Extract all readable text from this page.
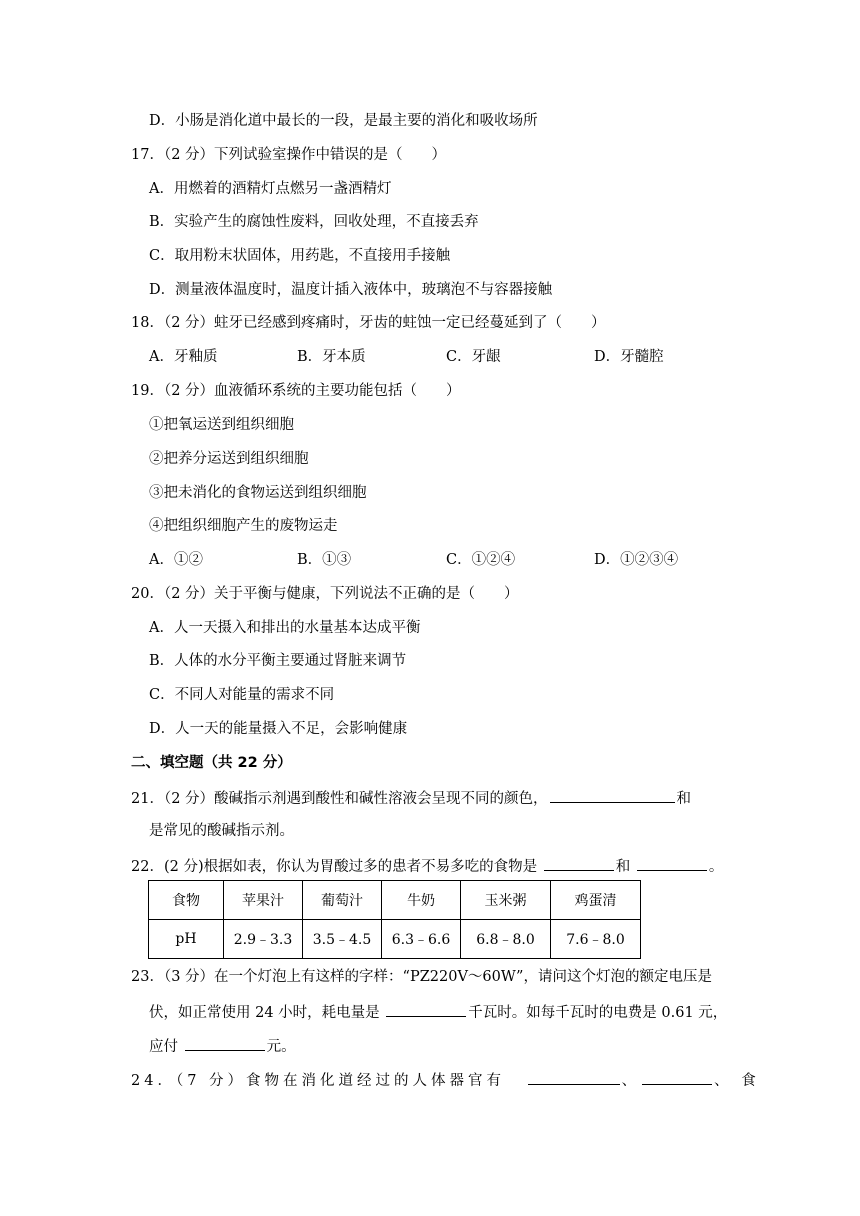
D．小肠是消化道中最长的一段，是最主要的消化和吸收场所
17．（2 分）下列试验室操作中错误的是（　　）
A．用燃着的酒精灯点燃另一盏酒精灯
B．实验产生的腐蚀性废料，回收处理，不直接丢弃
C．取用粉末状固体，用药匙，不直接用手接触
D．测量液体温度时，温度计插入液体中，玻璃泡不与容器接触
18．（2 分）蛀牙已经感到疼痛时，牙齿的蛀蚀一定已经蔓延到了（　　）
A．牙釉质	B．牙本质	C．牙龈	D．牙髓腔
19．（2 分）血液循环系统的主要功能包括（　　）
①把氧运送到组织细胞
②把养分运送到组织细胞
③把未消化的食物运送到组织细胞
④把组织细胞产生的废物运走
A．①②	B．①③	C．①②④	D．①②③④
20．（2 分）关于平衡与健康，下列说法不正确的是（　　）
A．人一天摄入和排出的水量基本达成平衡
B．人体的水分平衡主要通过肾脏来调节
C．不同人对能量的需求不同
D．人一天的能量摄入不足，会影响健康
二、填空题（共 22 分）
21．（2 分）酸碱指示剂遇到酸性和碱性溶液会呈现不同的颜色，	和
是常见的酸碱指示剂。
22．(2 分)根据如表，你认为胃酸过多的患者不易多吃的食物是	和	。
食物	苹果汁	葡萄汁	牛奶	玉米粥	鸡蛋清
pH	2.9﹣3.3	3.5﹣4.5	6.3﹣6.6	6.8﹣8.0	7.6﹣8.0
23．（3 分）在一个灯泡上有这样的字样：“PZ220V～60W”，请问这个灯泡的额定电压是
伏，如正常使用 24 小时，耗电量是	千瓦时。如每千瓦时的电费是 0.61 元，
应付	元。
24．（7 分）食物在消化道经过的人体器官有	、	、 食
